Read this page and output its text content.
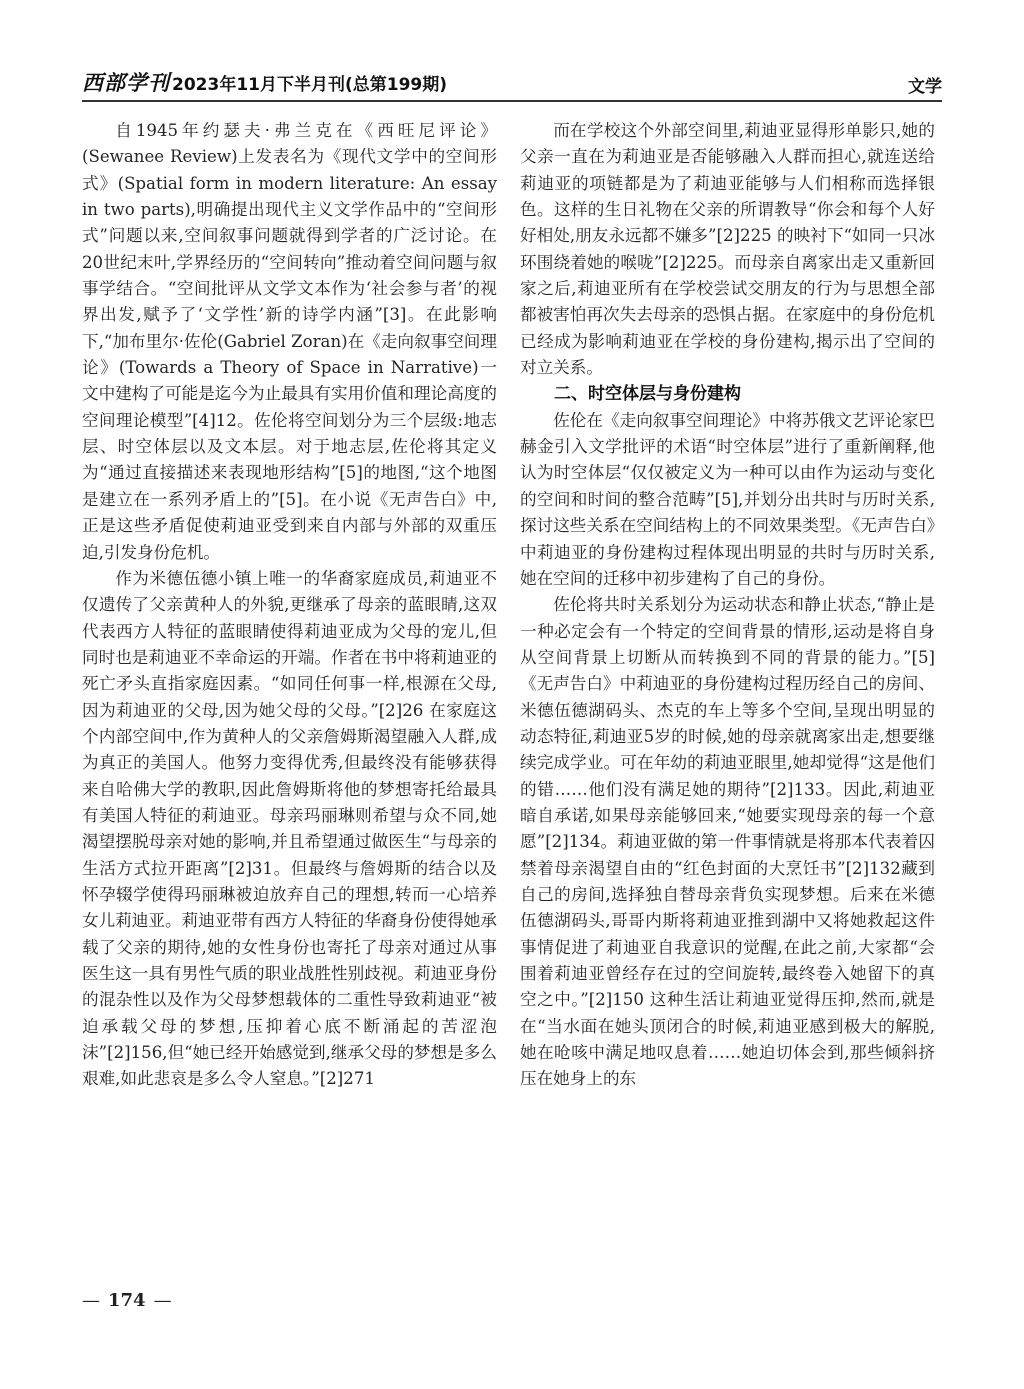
西部学刊 2023年11月下半月刊(总第199期)	文学

自1945年约瑟夫·弗兰克在《西旺尼评论》(Sewanee Review)上发表名为《现代文学中的空间形式》(Spatial form in modern literature: An essay in two parts),明确提出现代主义文学作品中的“空间形式”问题以来,空间叙事问题就得到学者的广泛讨论。在20世纪末叶,学界经历的“空间转向”推动着空间问题与叙事学结合。“空间批评从文学文本作为‘社会参与者’的视界出发,赋予了‘文学性’新的诗学内涵”[3]。在此影响下,“加布里尔·佐伦(Gabriel Zoran)在《走向叙事空间理论》(Towards a Theory of Space in Narrative)一文中建构了可能是迄今为止最具有实用价值和理论高度的空间理论模型”[4]12。佐伦将空间划分为三个层级:地志层、时空体层以及文本层。对于地志层,佐伦将其定义为“通过直接描述来表现地形结构”[5]的地图,“这个地图是建立在一系列矛盾上的”[5]。在小说《无声告白》中,正是这些矛盾促使莉迪亚受到来自内部与外部的双重压迫,引发身份危机。

作为米德伍德小镇上唯一的华裔家庭成员,莉迪亚不仅遗传了父亲黄种人的外貌,更继承了母亲的蓝眼睛,这双代表西方人特征的蓝眼睛使得莉迪亚成为父母的宠儿,但同时也是莉迪亚不幸命运的开端。作者在书中将莉迪亚的死亡矛头直指家庭因素。“如同任何事一样,根源在父母,因为莉迪亚的父母,因为她父母的父母。”[2]26 在家庭这个内部空间中,作为黄种人的父亲詹姆斯渴望融入人群,成为真正的美国人。他努力变得优秀,但最终没有能够获得来自哈佛大学的教职,因此詹姆斯将他的梦想寄托给最具有美国人特征的莉迪亚。母亲玛丽琳则希望与众不同,她渴望摆脱母亲对她的影响,并且希望通过做医生“与母亲的生活方式拉开距离”[2]31。但最终与詹姆斯的结合以及怀孕辍学使得玛丽琳被迫放弃自己的理想,转而一心培养女儿莉迪亚。莉迪亚带有西方人特征的华裔身份使得她承载了父亲的期待,她的女性身份也寄托了母亲对通过从事医生这一具有男性气质的职业战胜性别歧视。莉迪亚身份的混杂性以及作为父母梦想载体的二重性导致莉迪亚“被迫承载父母的梦想,压抑着心底不断涌起的苦涩泡沫”[2]156,但“她已经开始感觉到,继承父母的梦想是多么艰难,如此悲哀是多么令人窒息。”[2]271

而在学校这个外部空间里,莉迪亚显得形单影只,她的父亲一直在为莉迪亚是否能够融入人群而担心,就连送给莉迪亚的项链都是为了莉迪亚能够与人们相称而选择银色。这样的生日礼物在父亲的所谓教导“你会和每个人好好相处,朋友永远都不嫌多”[2]225 的映衬下“如同一只冰环围绕着她的喉咙”[2]225。而母亲自离家出走又重新回家之后,莉迪亚所有在学校尝试交朋友的行为与思想全部都被害怕再次失去母亲的恐惧占据。在家庭中的身份危机已经成为影响莉迪亚在学校的身份建构,揭示出了空间的对立关系。

二、时空体层与身份建构

佐伦在《走向叙事空间理论》中将苏俄文艺评论家巴赫金引入文学批评的术语“时空体层”进行了重新阐释,他认为时空体层“仅仅被定义为一种可以由作为运动与变化的空间和时间的整合范畴”[5],并划分出共时与历时关系,探讨这些关系在空间结构上的不同效果类型。《无声告白》中莉迪亚的身份建构过程体现出明显的共时与历时关系,她在空间的迁移中初步建构了自己的身份。

佐伦将共时关系划分为运动状态和静止状态,“静止是一种必定会有一个特定的空间背景的情形,运动是将自身从空间背景上切断从而转换到不同的背景的能力。”[5]《无声告白》中莉迪亚的身份建构过程历经自己的房间、米德伍德湖码头、杰克的车上等多个空间,呈现出明显的动态特征,莉迪亚5岁的时候,她的母亲就离家出走,想要继续完成学业。可在年幼的莉迪亚眼里,她却觉得“这是他们的错……他们没有满足她的期待”[2]133。因此,莉迪亚暗自承诺,如果母亲能够回来,“她要实现母亲的每一个意愿”[2]134。莉迪亚做的第一件事情就是将那本代表着囚禁着母亲渴望自由的“红色封面的大烹饪书”[2]132藏到自己的房间,选择独自替母亲背负实现梦想。后来在米德伍德湖码头,哥哥内斯将莉迪亚推到湖中又将她救起这件事情促进了莉迪亚自我意识的觉醒,在此之前,大家都“会围着莉迪亚曾经存在过的空间旋转,最终卷入她留下的真空之中。”[2]150 这种生活让莉迪亚觉得压抑,然而,就是在“当水面在她头顶闭合的时候,莉迪亚感到极大的解脱,她在呛咳中满足地叹息着……她迫切体会到,那些倾斜挤压在她身上的东

— 174 —
